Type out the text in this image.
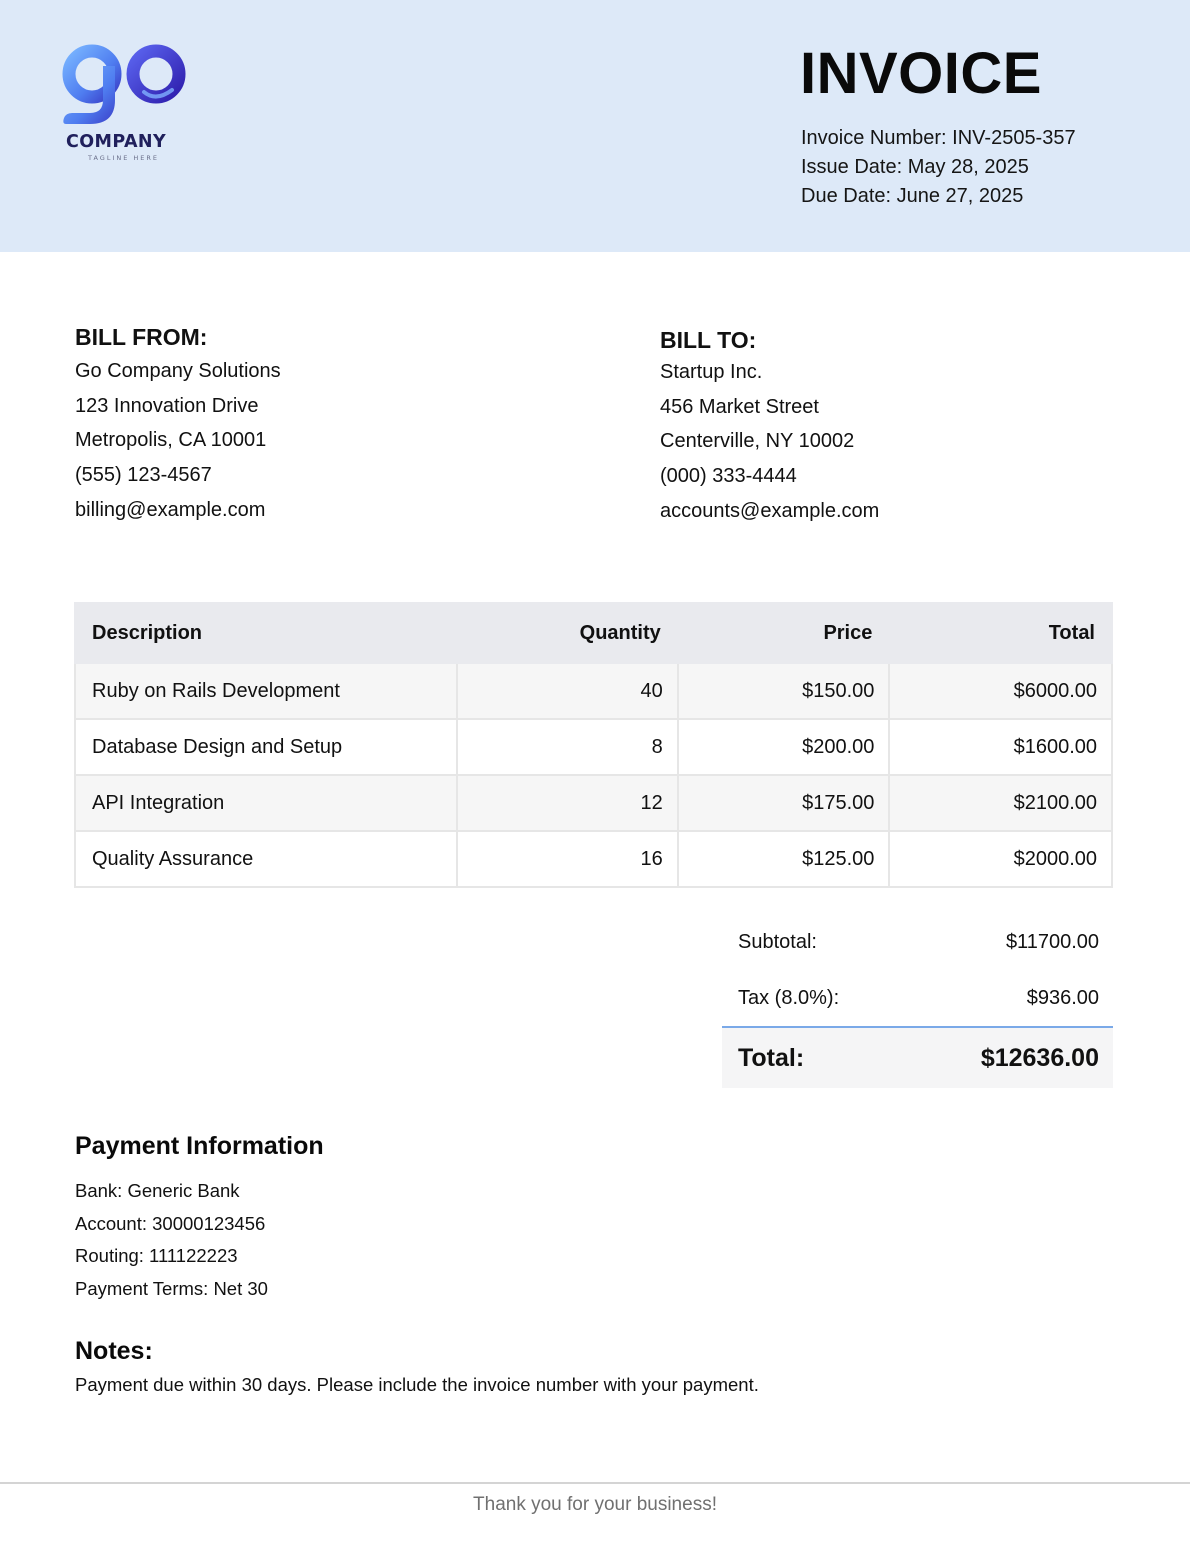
COMPANY
TAGLINE HERE
INVOICE
Invoice Number: INV-2505-357
Issue Date: May 28, 2025
Due Date: June 27, 2025
BILL FROM:
Go Company Solutions
123 Innovation Drive
Metropolis, CA 10001
(555) 123-4567
billing@example.com
BILL TO:
Startup Inc.
456 Market Street
Centerville, NY 10002
(000) 333-4444
accounts@example.com
Description	Quantity	Price	Total
Ruby on Rails Development	40	$150.00	$6000.00
Database Design and Setup	8	$200.00	$1600.00
API Integration	12	$175.00	$2100.00
Quality Assurance	16	$125.00	$2000.00
Subtotal:	$11700.00
Tax (8.0%):	$936.00
Total:	$12636.00
Payment Information
Bank: Generic Bank
Account: 30000123456
Routing: 111122223
Payment Terms: Net 30
Notes:
Payment due within 30 days. Please include the invoice number with your payment.
Thank you for your business!
